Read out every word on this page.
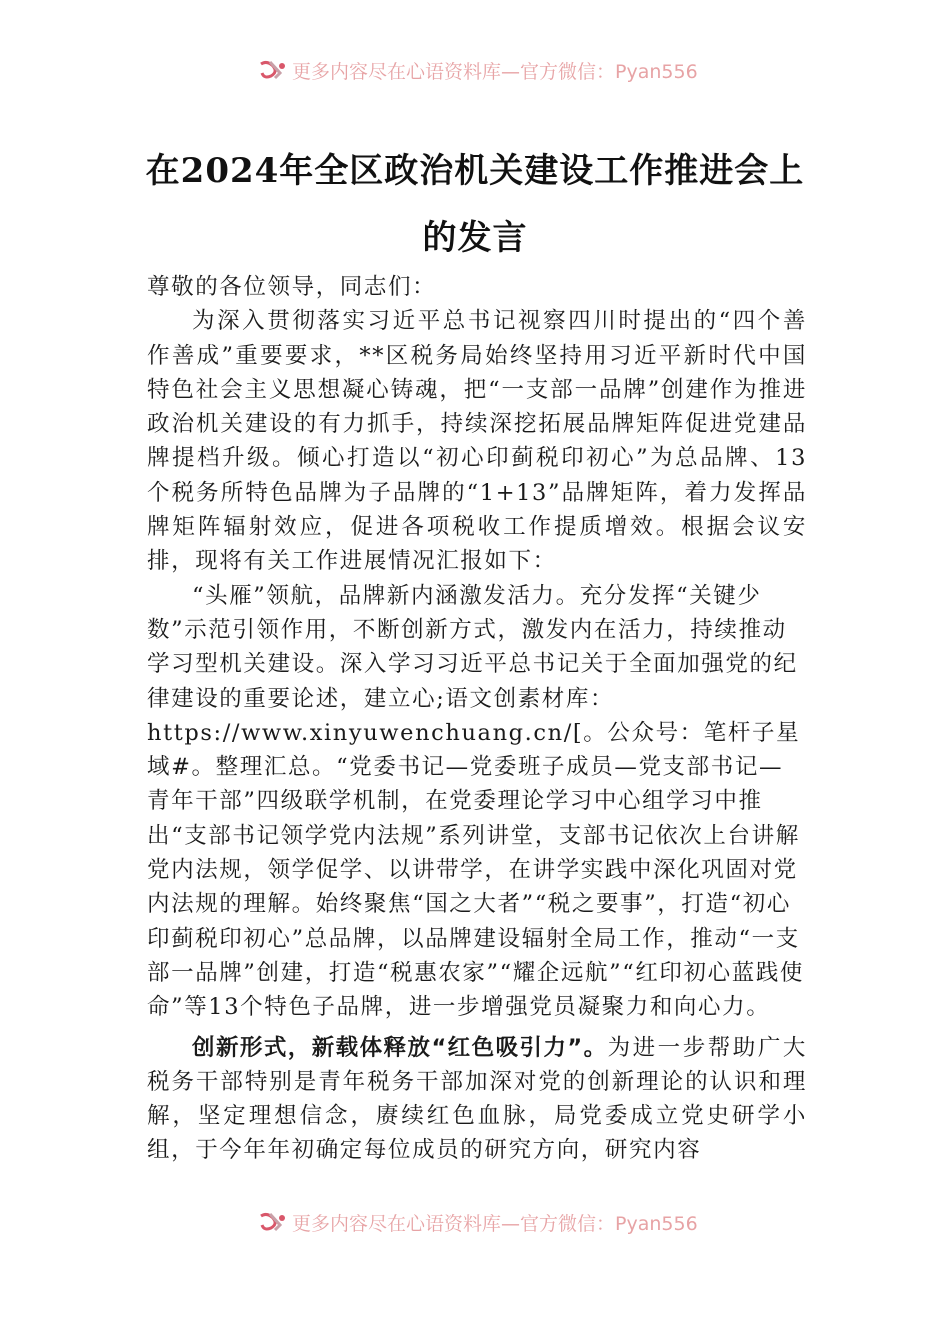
更多内容尽在心语资料库—官方微信：Pyan556
在2024年全区政治机关建设工作推进会上
的发言

尊敬的各位领导，同志们：

为深入贯彻落实习近平总书记视察四川时提出的“四个善作善成”重要要求，**区税务局始终坚持用习近平新时代中国特色社会主义思想凝心铸魂，把“一支部一品牌”创建作为推进政治机关建设的有力抓手，持续深挖拓展品牌矩阵促进党建品牌提档升级。倾心打造以“初心印蓟税印初心”为总品牌、13个税务所特色品牌为子品牌的“1+13”品牌矩阵，着力发挥品牌矩阵辐射效应，促进各项税收工作提质增效。根据会议安排，现将有关工作进展情况汇报如下：

“头雁”领航，品牌新内涵激发活力。充分发挥“关键少数”示范引领作用，不断创新方式，激发内在活力，持续推动学习型机关建设。深入学习习近平总书记关于全面加强党的纪律建设的重要论述，建立心;语文创素材库：https://www.xinyuwenchuang.cn/[。公众号：笔杆子星域#。整理汇总。“党委书记—党委班子成员—党支部书记—青年干部”四级联学机制，在党委理论学习中心组学习中推出“支部书记领学党内法规”系列讲堂，支部书记依次上台讲解党内法规，领学促学、以讲带学，在讲学实践中深化巩固对党内法规的理解。始终聚焦“国之大者”“税之要事”，打造“初心印蓟税印初心”总品牌，以品牌建设辐射全局工作，推动“一支部一品牌”创建，打造“税惠农家”“耀企远航”“红印初心蓝践使命”等13个特色子品牌，进一步增强党员凝聚力和向心力。

创新形式，新载体释放“红色吸引力”。为进一步帮助广大税务干部特别是青年税务干部加深对党的创新理论的认识和理解，坚定理想信念，赓续红色血脉，局党委成立党史研学小组，于今年年初确定每位成员的研究方向，研究内容

更多内容尽在心语资料库—官方微信：Pyan556
